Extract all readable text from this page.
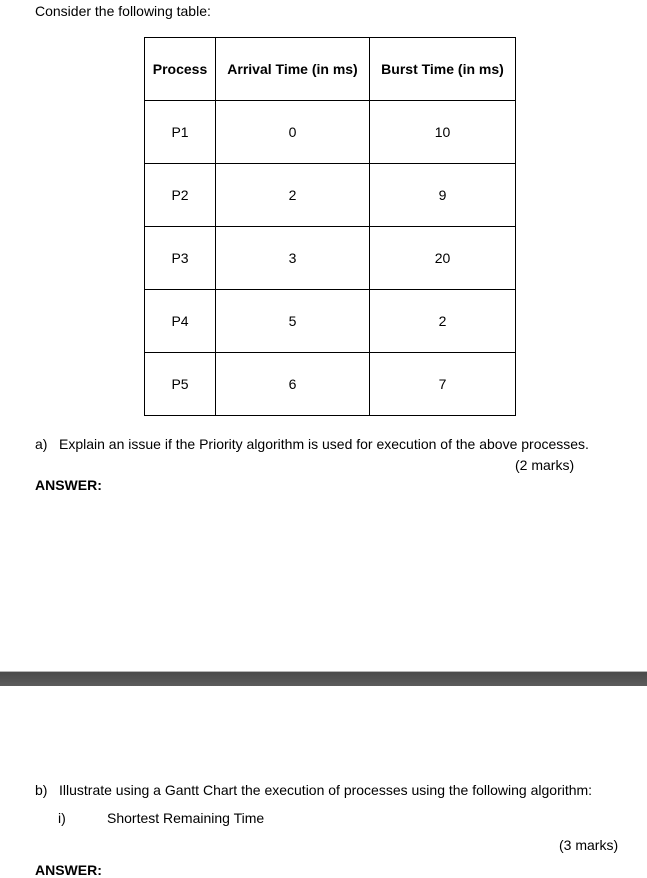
Consider the following table:
Process	Arrival Time (in ms)	Burst Time (in ms)
P1	0	10
P2	2	9
P3	3	20
P4	5	2
P5	6	7
a) Explain an issue if the Priority algorithm is used for execution of the above processes.
(2 marks)
ANSWER:
b) Illustrate using a Gantt Chart the execution of processes using the following algorithm:
i)	Shortest Remaining Time
(3 marks)
ANSWER:
